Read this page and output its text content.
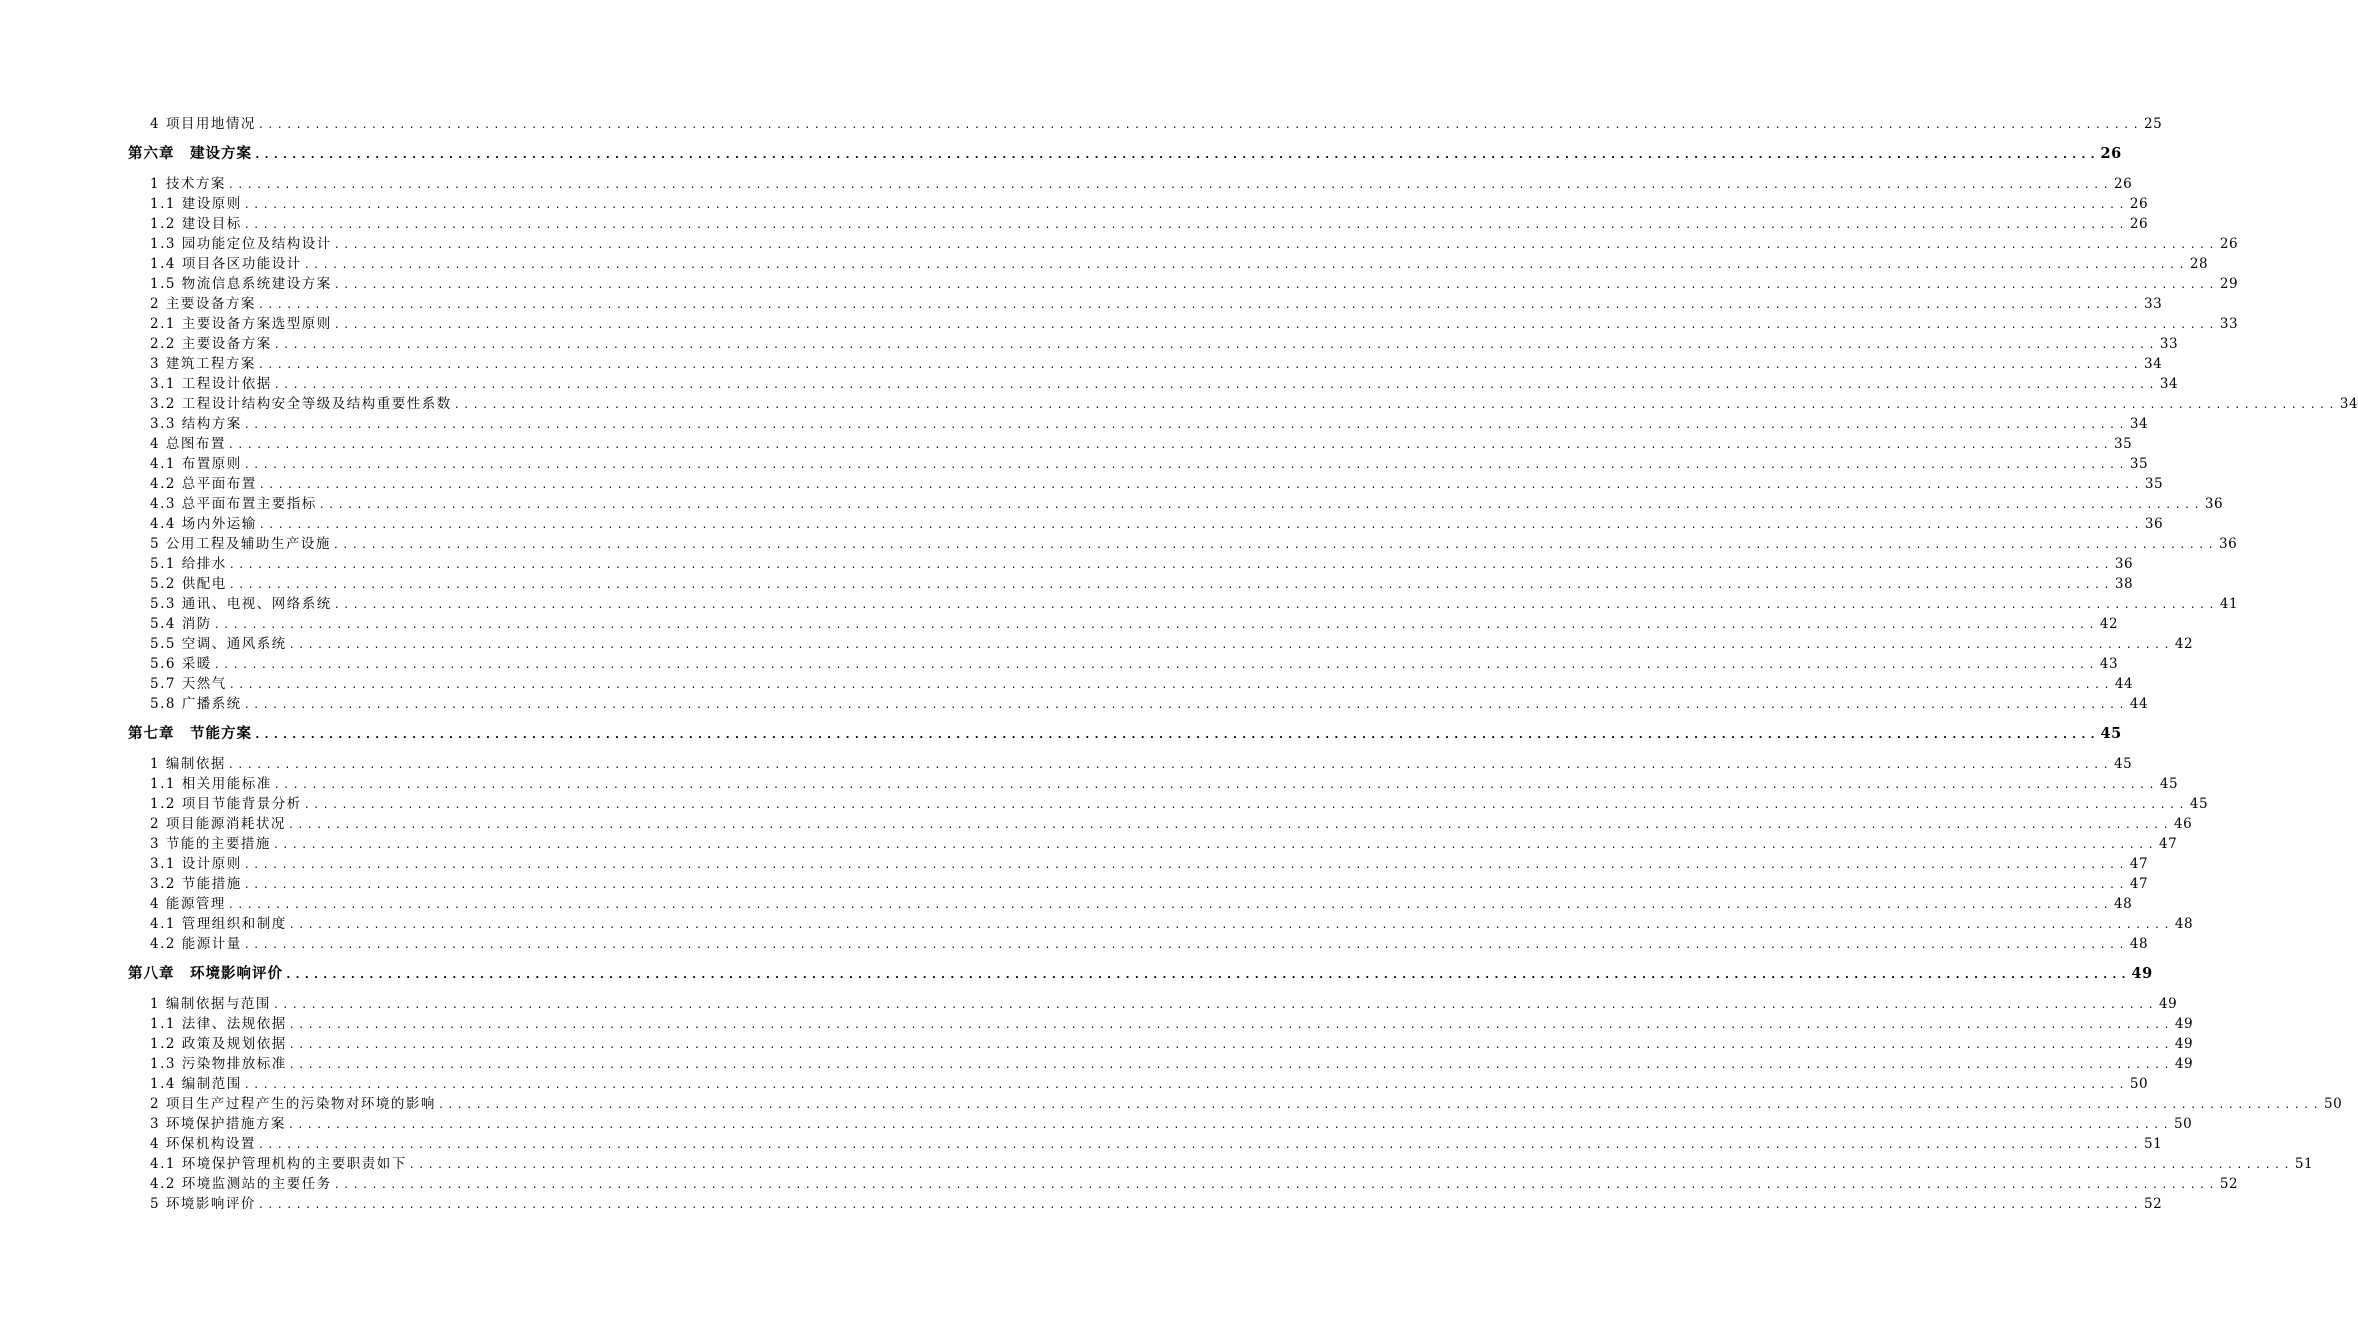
4 项目用地情况 ........................................................................................................................................................................................................ 25
第六章　建设方案 ........................................................................................................................................................................................................ 26
1 技术方案 ........................................................................................................................................................................................................ 26
1.1 建设原则 ........................................................................................................................................................................................................ 26
1.2 建设目标 ........................................................................................................................................................................................................ 26
1.3 园功能定位及结构设计 ........................................................................................................................................................................................................ 26
1.4 项目各区功能设计 ........................................................................................................................................................................................................ 28
1.5 物流信息系统建设方案 ........................................................................................................................................................................................................ 29
2 主要设备方案 ........................................................................................................................................................................................................ 33
2.1 主要设备方案选型原则 ........................................................................................................................................................................................................ 33
2.2 主要设备方案 ........................................................................................................................................................................................................ 33
3 建筑工程方案 ........................................................................................................................................................................................................ 34
3.1 工程设计依据 ........................................................................................................................................................................................................ 34
3.2 工程设计结构安全等级及结构重要性系数 ........................................................................................................................................................................................................ 34
3.3 结构方案 ........................................................................................................................................................................................................ 34
4 总图布置 ........................................................................................................................................................................................................ 35
4.1 布置原则 ........................................................................................................................................................................................................ 35
4.2 总平面布置 ........................................................................................................................................................................................................ 35
4.3 总平面布置主要指标 ........................................................................................................................................................................................................ 36
4.4 场内外运输 ........................................................................................................................................................................................................ 36
5 公用工程及辅助生产设施 ........................................................................................................................................................................................................ 36
5.1 给排水 ........................................................................................................................................................................................................ 36
5.2 供配电 ........................................................................................................................................................................................................ 38
5.3 通讯、电视、网络系统 ........................................................................................................................................................................................................ 41
5.4 消防 ........................................................................................................................................................................................................ 42
5.5 空调、通风系统 ........................................................................................................................................................................................................ 42
5.6 采暖 ........................................................................................................................................................................................................ 43
5.7 天然气 ........................................................................................................................................................................................................ 44
5.8 广播系统 ........................................................................................................................................................................................................ 44
第七章　节能方案 ........................................................................................................................................................................................................ 45
1 编制依据 ........................................................................................................................................................................................................ 45
1.1 相关用能标准 ........................................................................................................................................................................................................ 45
1.2 项目节能背景分析 ........................................................................................................................................................................................................ 45
2 项目能源消耗状况 ........................................................................................................................................................................................................ 46
3 节能的主要措施 ........................................................................................................................................................................................................ 47
3.1 设计原则 ........................................................................................................................................................................................................ 47
3.2 节能措施 ........................................................................................................................................................................................................ 47
4 能源管理 ........................................................................................................................................................................................................ 48
4.1 管理组织和制度 ........................................................................................................................................................................................................ 48
4.2 能源计量 ........................................................................................................................................................................................................ 48
第八章　环境影响评价 ........................................................................................................................................................................................................ 49
1 编制依据与范围 ........................................................................................................................................................................................................ 49
1.1 法律、法规依据 ........................................................................................................................................................................................................ 49
1.2 政策及规划依据 ........................................................................................................................................................................................................ 49
1.3 污染物排放标准 ........................................................................................................................................................................................................ 49
1.4 编制范围 ........................................................................................................................................................................................................ 50
2 项目生产过程产生的污染物对环境的影响 ........................................................................................................................................................................................................ 50
3 环境保护措施方案 ........................................................................................................................................................................................................ 50
4 环保机构设置 ........................................................................................................................................................................................................ 51
4.1 环境保护管理机构的主要职责如下 ........................................................................................................................................................................................................ 51
4.2 环境监测站的主要任务 ........................................................................................................................................................................................................ 52
5 环境影响评价 ........................................................................................................................................................................................................ 52
